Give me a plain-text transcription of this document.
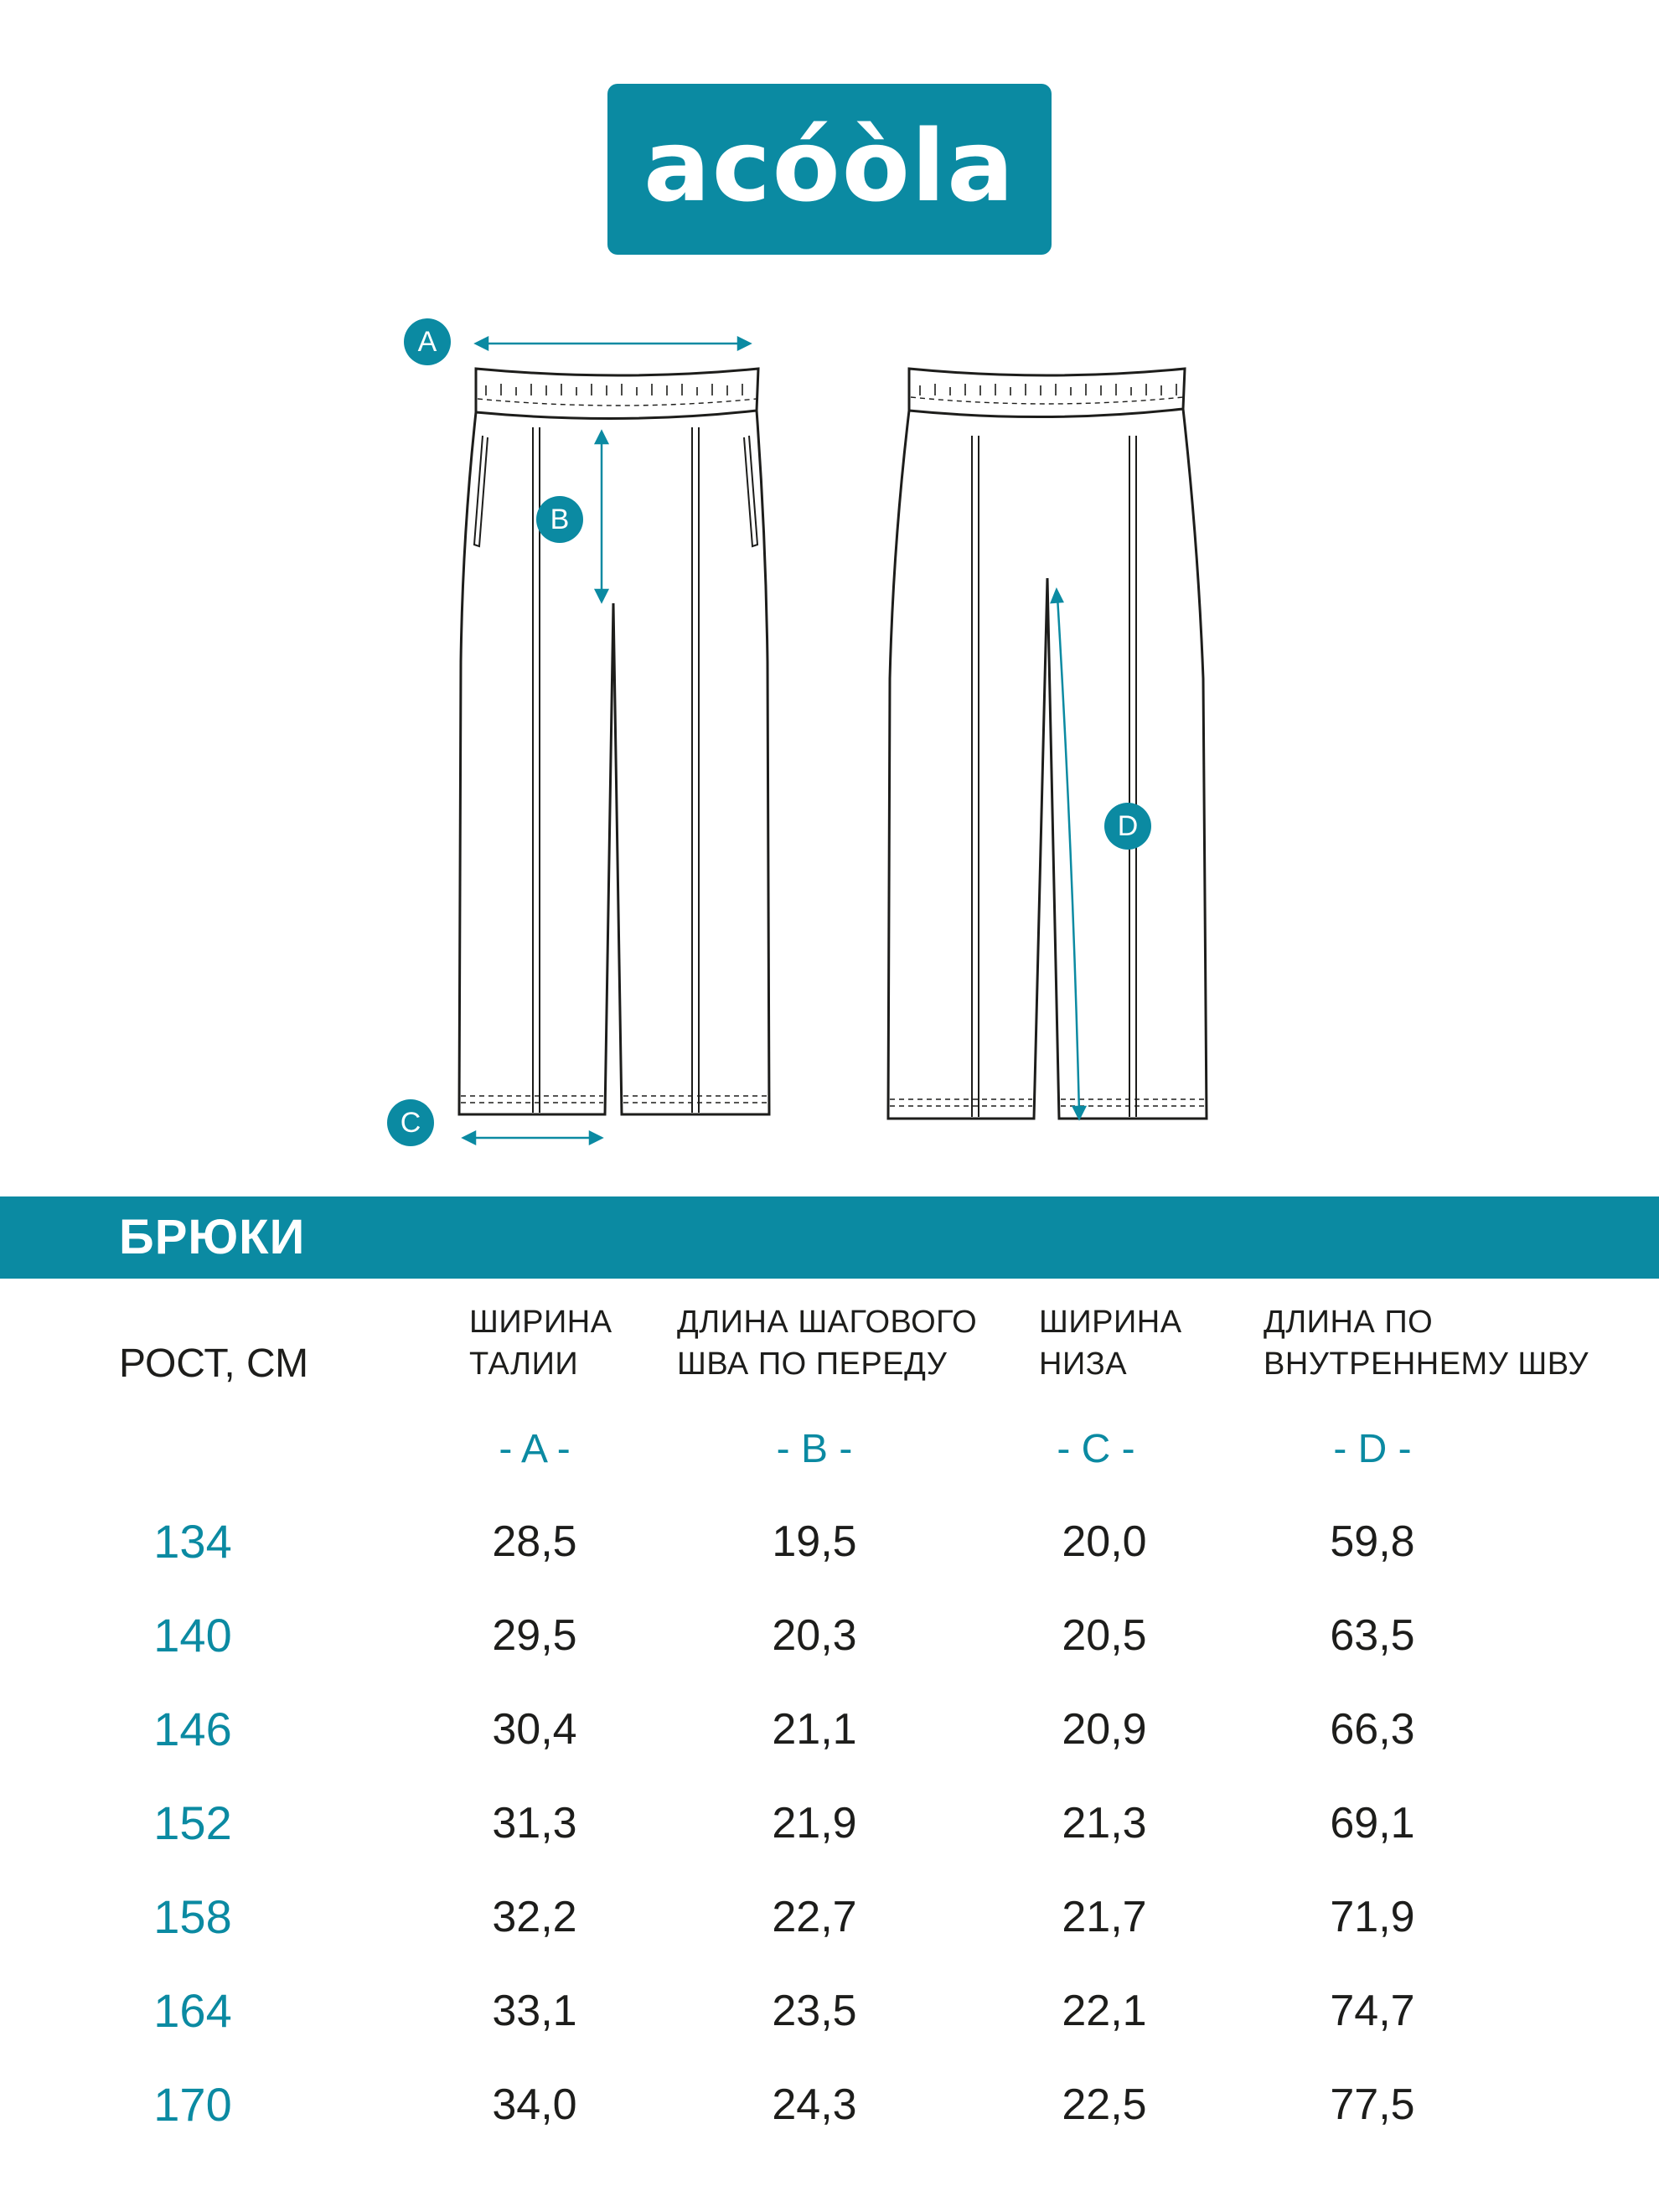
acóòla
A
B
C
D
БРЮКИ
РОСТ, СМ
ШИРИНА
ТАЛИИ
ДЛИНА ШАГОВОГО
ШВА ПО ПЕРЕДУ
ШИРИНА
НИЗА
ДЛИНА ПО
ВНУТРЕННЕМУ ШВУ
- A -	- B -	- C -	- D -
134	28,5	19,5	20,0	59,8
140	29,5	20,3	20,5	63,5
146	30,4	21,1	20,9	66,3
152	31,3	21,9	21,3	69,1
158	32,2	22,7	21,7	71,9
164	33,1	23,5	22,1	74,7
170	34,0	24,3	22,5	77,5
